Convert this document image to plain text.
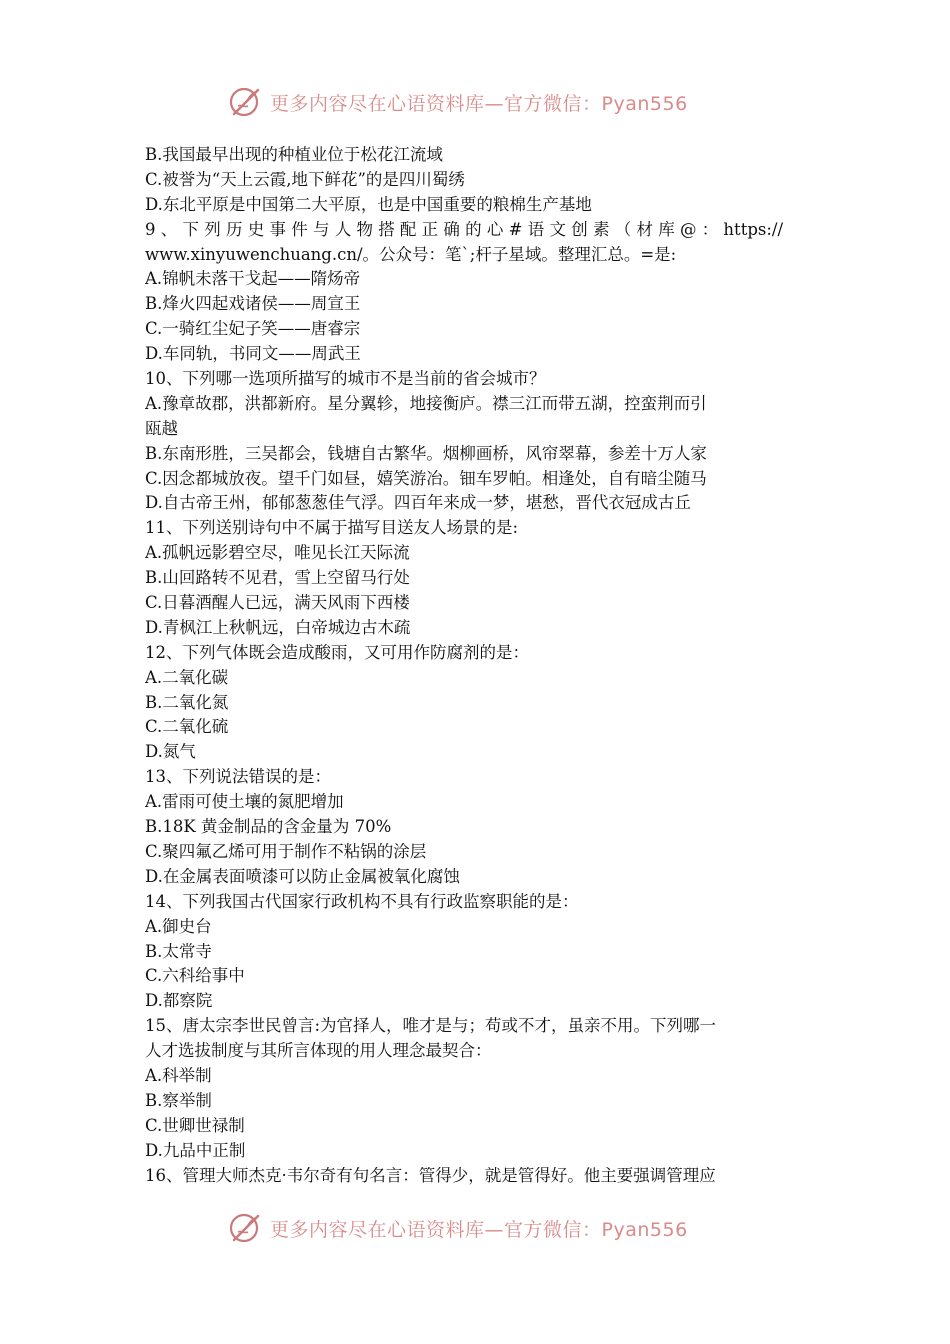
更多内容尽在心语资料库—官方微信：Pyan556
B.我国最早出现的种植业位于松花江流域
C.被誉为“天上云霞,地下鲜花”的是四川蜀绣
D.东北平原是中国第二大平原，也是中国重要的粮棉生产基地
9 、 下 列 历 史 事 件 与 人 物 搭 配 正 确 的 心 # 语 文 创 素 （ 材 库 @ ： https://
www.xinyuwenchuang.cn/。公众号：笔`;杆子星域。整理汇总。=是:
A.锦帆未落干戈起——隋炀帝
B.烽火四起戏诸侯——周宣王
C.一骑红尘妃子笑——唐睿宗
D.车同轨，书同文——周武王
10、下列哪一选项所描写的城市不是当前的省会城市？
A.豫章故郡，洪都新府。星分翼轸，地接衡庐。襟三江而带五湖，控蛮荆而引
瓯越
B.东南形胜，三吴都会，钱塘自古繁华。烟柳画桥，风帘翠幕，参差十万人家
C.因念都城放夜。望千门如昼，嬉笑游冶。钿车罗帕。相逢处，自有暗尘随马
D.自古帝王州，郁郁葱葱佳气浮。四百年来成一梦，堪愁，晋代衣冠成古丘
11、下列送别诗句中不属于描写目送友人场景的是:
A.孤帆远影碧空尽，唯见长江天际流
B.山回路转不见君，雪上空留马行处
C.日暮酒醒人已远，满天风雨下西楼
D.青枫江上秋帆远，白帝城边古木疏
12、下列气体既会造成酸雨，又可用作防腐剂的是：
A.二氧化碳
B.二氧化氮
C.二氧化硫
D.氮气
13、下列说法错误的是：
A.雷雨可使土壤的氮肥增加
B.18K 黄金制品的含金量为 70%
C.聚四氟乙烯可用于制作不粘锅的涂层
D.在金属表面喷漆可以防止金属被氧化腐蚀
14、下列我国古代国家行政机构不具有行政监察职能的是：
A.御史台
B.太常寺
C.六科给事中
D.都察院
15、唐太宗李世民曾言:为官择人，唯才是与；苟或不才，虽亲不用。下列哪一
人才选拔制度与其所言体现的用人理念最契合：
A.科举制
B.察举制
C.世卿世禄制
D.九品中正制
16、管理大师杰克·韦尔奇有句名言：管得少，就是管得好。他主要强调管理应
更多内容尽在心语资料库—官方微信：Pyan556
